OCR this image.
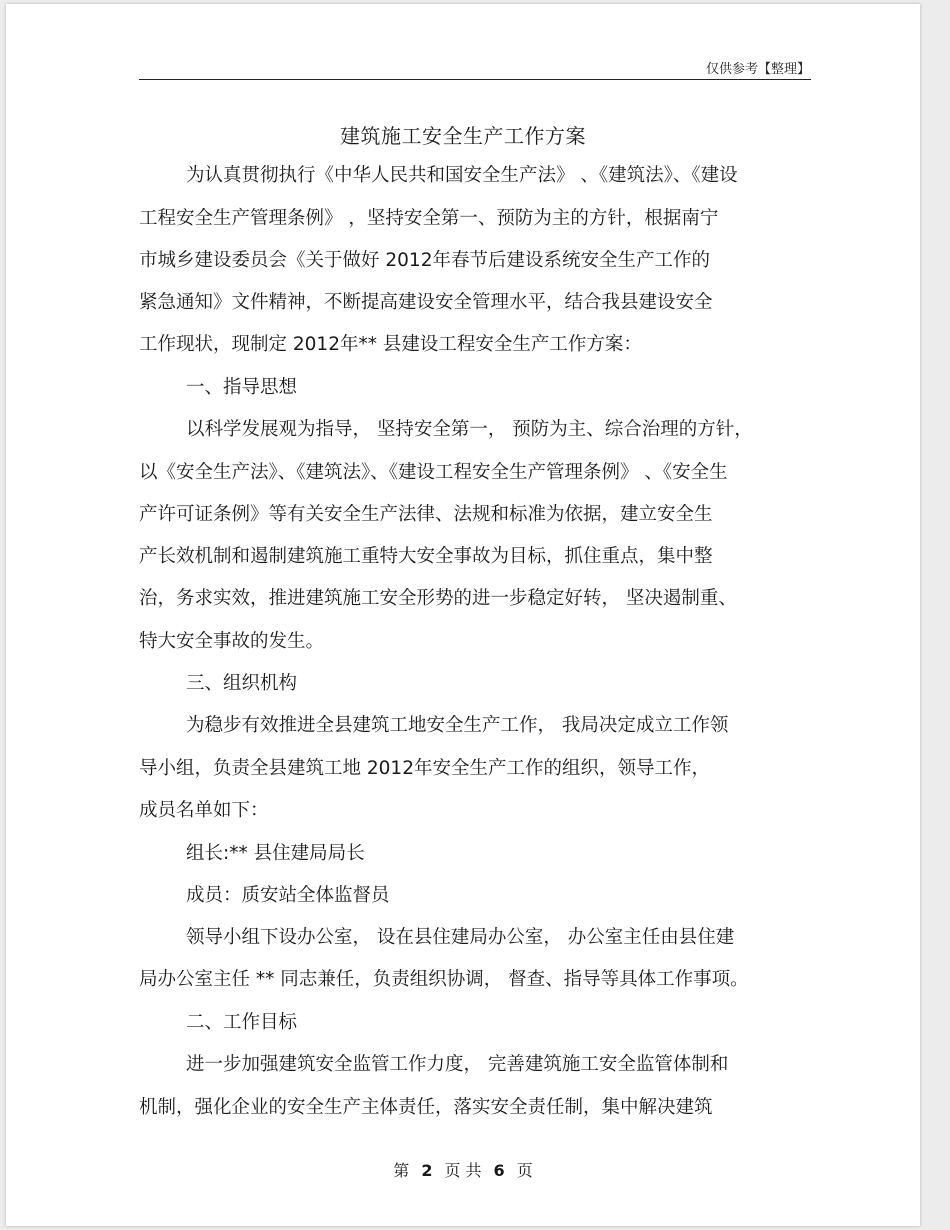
仅供参考【整理】
建筑施工安全生产工作方案
为认真贯彻执行《中华人民共和国安全生产法》 、《建筑法》、《建设
工程安全生产管理条例》 ，坚持安全第一、预防为主的方针，根据南宁
市城乡建设委员会《关于做好 2012年春节后建设系统安全生产工作的
紧急通知》文件精神，不断提高建设安全管理水平，结合我县建设安全
工作现状，现制定 2012年** 县建设工程安全生产工作方案：
一、指导思想
以科学发展观为指导， 坚持安全第一， 预防为主、综合治理的方针，
以《安全生产法》、《建筑法》、《建设工程安全生产管理条例》 、《安全生
产许可证条例》等有关安全生产法律、法规和标准为依据，建立安全生
产长效机制和遏制建筑施工重特大安全事故为目标，抓住重点，集中整
治，务求实效，推进建筑施工安全形势的进一步稳定好转， 坚决遏制重、
特大安全事故的发生。
三、组织机构
为稳步有效推进全县建筑工地安全生产工作， 我局决定成立工作领
导小组，负责全县建筑工地 2012年安全生产工作的组织，领导工作，
成员名单如下：
组长:** 县住建局局长
成员：质安站全体监督员
领导小组下设办公室， 设在县住建局办公室， 办公室主任由县住建
局办公室主任 ** 同志兼任，负责组织协调， 督查、指导等具体工作事项。
二、工作目标
进一步加强建筑安全监管工作力度， 完善建筑施工安全监管体制和
机制，强化企业的安全生产主体责任，落实安全责任制，集中解决建筑
第 2 页 共 6 页
